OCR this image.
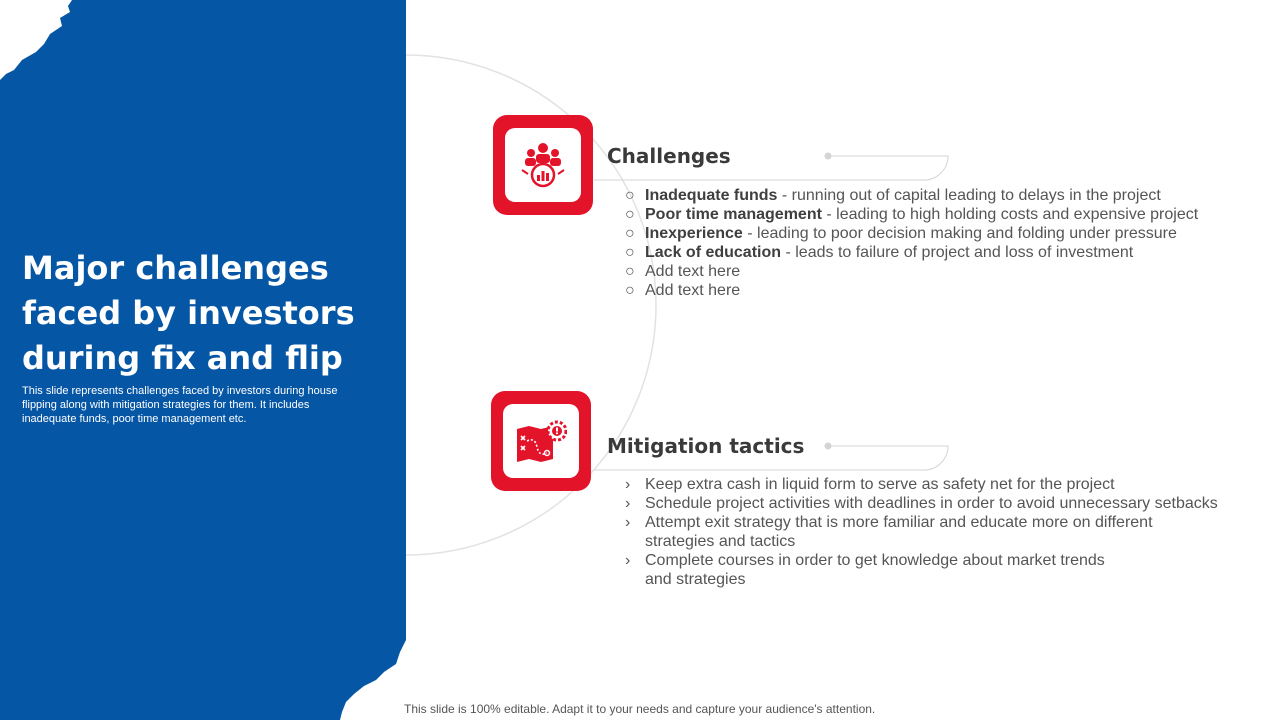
Major challenges faced by investors during fix and flip

This slide represents challenges faced by investors during house flipping along with mitigation strategies for them. It includes inadequate funds, poor time management etc.

Challenges
○ Inadequate funds - running out of capital leading to delays in the project
○ Poor time management - leading to high holding costs and expensive project
○ Inexperience - leading to poor decision making and folding under pressure
○ Lack of education - leads to failure of project and loss of investment
○ Add text here
○ Add text here
Mitigation tactics
› Keep extra cash in liquid form to serve as safety net for the project
› Schedule project activities with deadlines in order to avoid unnecessary setbacks
› Attempt exit strategy that is more familiar and educate more on different
strategies and tactics
› Complete courses in order to get knowledge about market trends
and strategies
This slide is 100% editable. Adapt it to your needs and capture your audience's attention.
